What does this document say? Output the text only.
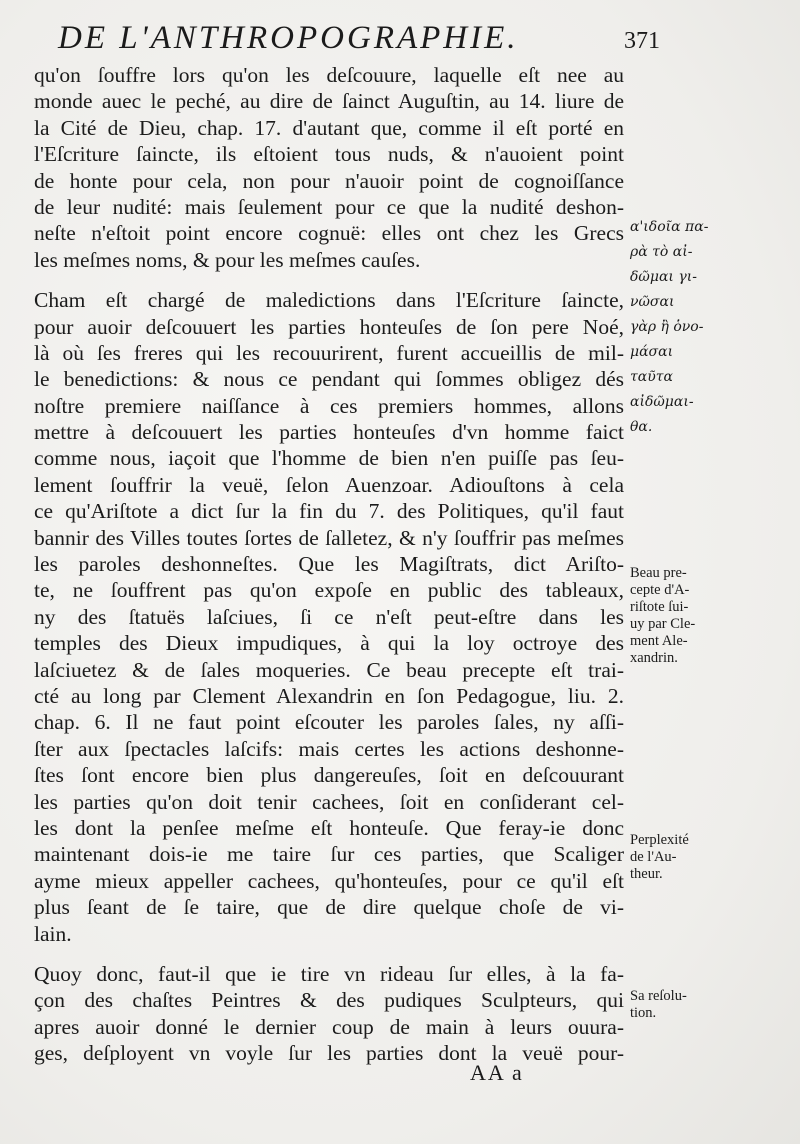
DE L'ANTHROPOGRAPHIE.	371
qu'on ſouffre lors qu'on les deſcouure, laquelle eſt nee au
monde auec le peché, au dire de ſainct Auguſtin, au 14. liure de
la Cité de Dieu, chap. 17. d'autant que, comme il eſt porté en
l'Eſcriture ſaincte, ils eſtoient tous nuds, & n'auoient point
de honte pour cela, non pour n'auoir point de cognoiſſance
de leur nudité: mais ſeulement pour ce que la nudité deshon-
neſte n'eſtoit point encore cognuë: elles ont chez les Grecs
les meſmes noms, & pour les meſmes cauſes.
Cham eſt chargé de maledictions dans l'Eſcriture ſaincte,
pour auoir deſcouuert les parties honteuſes de ſon pere Noé,
là où ſes freres qui les recouurirent, furent accueillis de mil-
le benedictions: & nous ce pendant qui ſommes obligez dés
noſtre premiere naiſſance à ces premiers hommes, allons
mettre à deſcouuert les parties honteuſes d'vn homme faict
comme nous, iaçoit que l'homme de bien n'en puiſſe pas ſeu-
lement ſouffrir la veuë, ſelon Auenzoar. Adiouſtons à cela
ce qu'Ariſtote a dict ſur la fin du 7. des Politiques, qu'il faut
bannir des Villes toutes ſortes de ſalletez, & n'y ſouffrir pas meſmes
les paroles deshonneſtes. Que les Magiſtrats, dict Ariſto-
te, ne ſouffrent pas qu'on expoſe en public des tableaux,
ny des ſtatuës laſciues, ſi ce n'eſt peut-eſtre dans les
temples des Dieux impudiques, à qui la loy octroye des
laſciuetez & de ſales moqueries. Ce beau precepte eſt trai-
cté au long par Clement Alexandrin en ſon Pedagogue, liu. 2.
chap. 6. Il ne faut point eſcouter les paroles ſales, ny aſſi-
ſter aux ſpectacles laſcifs: mais certes les actions deshonne-
ſtes ſont encore bien plus dangereuſes, ſoit en deſcouurant
les parties qu'on doit tenir cachees, ſoit en conſiderant cel-
les dont la penſee meſme eſt honteuſe. Que feray-ie donc
maintenant dois-ie me taire ſur ces parties, que Scaliger
ayme mieux appeller cachees, qu'honteuſes, pour ce qu'il eſt
plus ſeant de ſe taire, que de dire quelque choſe de vi-
lain.
Quoy donc, faut-il que ie tire vn rideau ſur elles, à la fa-
çon des chaſtes Peintres & des pudiques Sculpteurs, qui
apres auoir donné le dernier coup de main à leurs ouura-
ges, deſployent vn voyle ſur les parties dont la veuë pour-
α'ιδοῖα πα-
ρὰ τὸ αἰ-
δῶμαι γι-
νῶσαι
γὰρ ἢ ὁνο-
μάσαι
ταῦτα
αἰδῶμαι-
θα.
Beau pre-
cepte d'A-
riſtote ſui-
uy par Cle-
ment Ale-
xandrin.
Perplexité
de l'Au-
theur.
Sa reſolu-
tion.
AA a
